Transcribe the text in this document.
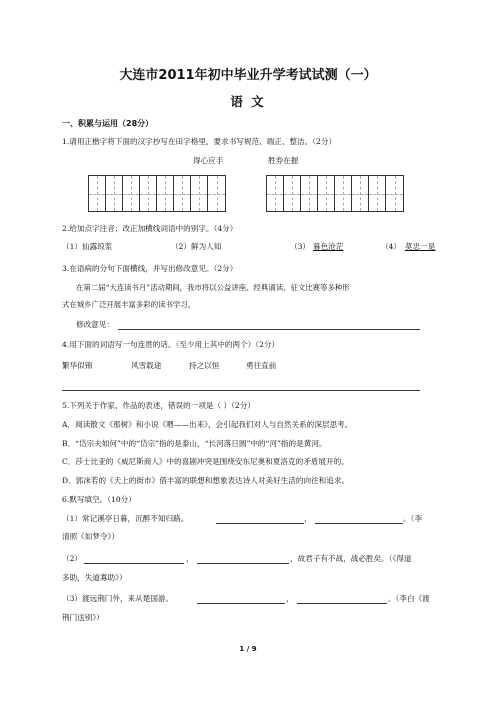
大连市2011年初中毕业升学考试试测（一）
语 文
一、积累与运用（28分）
1.请用正楷字将下面的汉字抄写在田字格里，要求书写规范、端正、整洁。（2分）
得心应手	胜券在握
2.给加点字注音；改正加横线词语中的别字。（4分）
（1）仙露琼浆	（2）鲜为人知	（3） 暮色沧茫	（4） 莫忠一是
3.在语病的分句下面横线，并写出修改意见。（2分）
在第二届“大连读书月”活动期间，我市将以公益讲座、经典诵读、征文比赛等多种形
式在城乡广泛开展丰富多彩的读书学习。
修改意见：
4.用下面的词语写一句连贯的话。（至少用上其中的两个）（2分）
繁华似锦	风雪载途	持之以恒	勇往直前
5.下列关于作家、作品的表述，错误的一项是（ ）（2分）
A．阅读散文《那树》和小说《喂——出来》，会引起我们对人与自然关系的深层思考。
B．“岱宗夫如何”中的“岱宗”指的是泰山，“长河落日圆”中的“河”指的是黄河。
C．莎士比亚的《威尼斯商人》中的喜剧冲突是围绕安东尼奥和夏洛克的矛盾展开的。
D．郭沫若的《天上的街市》借丰富的联想和想象表达诗人对美好生活的向往和追求。
6.默写填空。（10分）
（1）常记溪亭日暮，沉醉不知归路。	，	。（李
清照《如梦令》）
（2）	，	，故君子有不战，战必胜矣。（《得道
多助，失道寡助》）
（3）渡远荆门外，来从楚国游。	，	。（李白《渡
荆门送别》）
1 / 9
